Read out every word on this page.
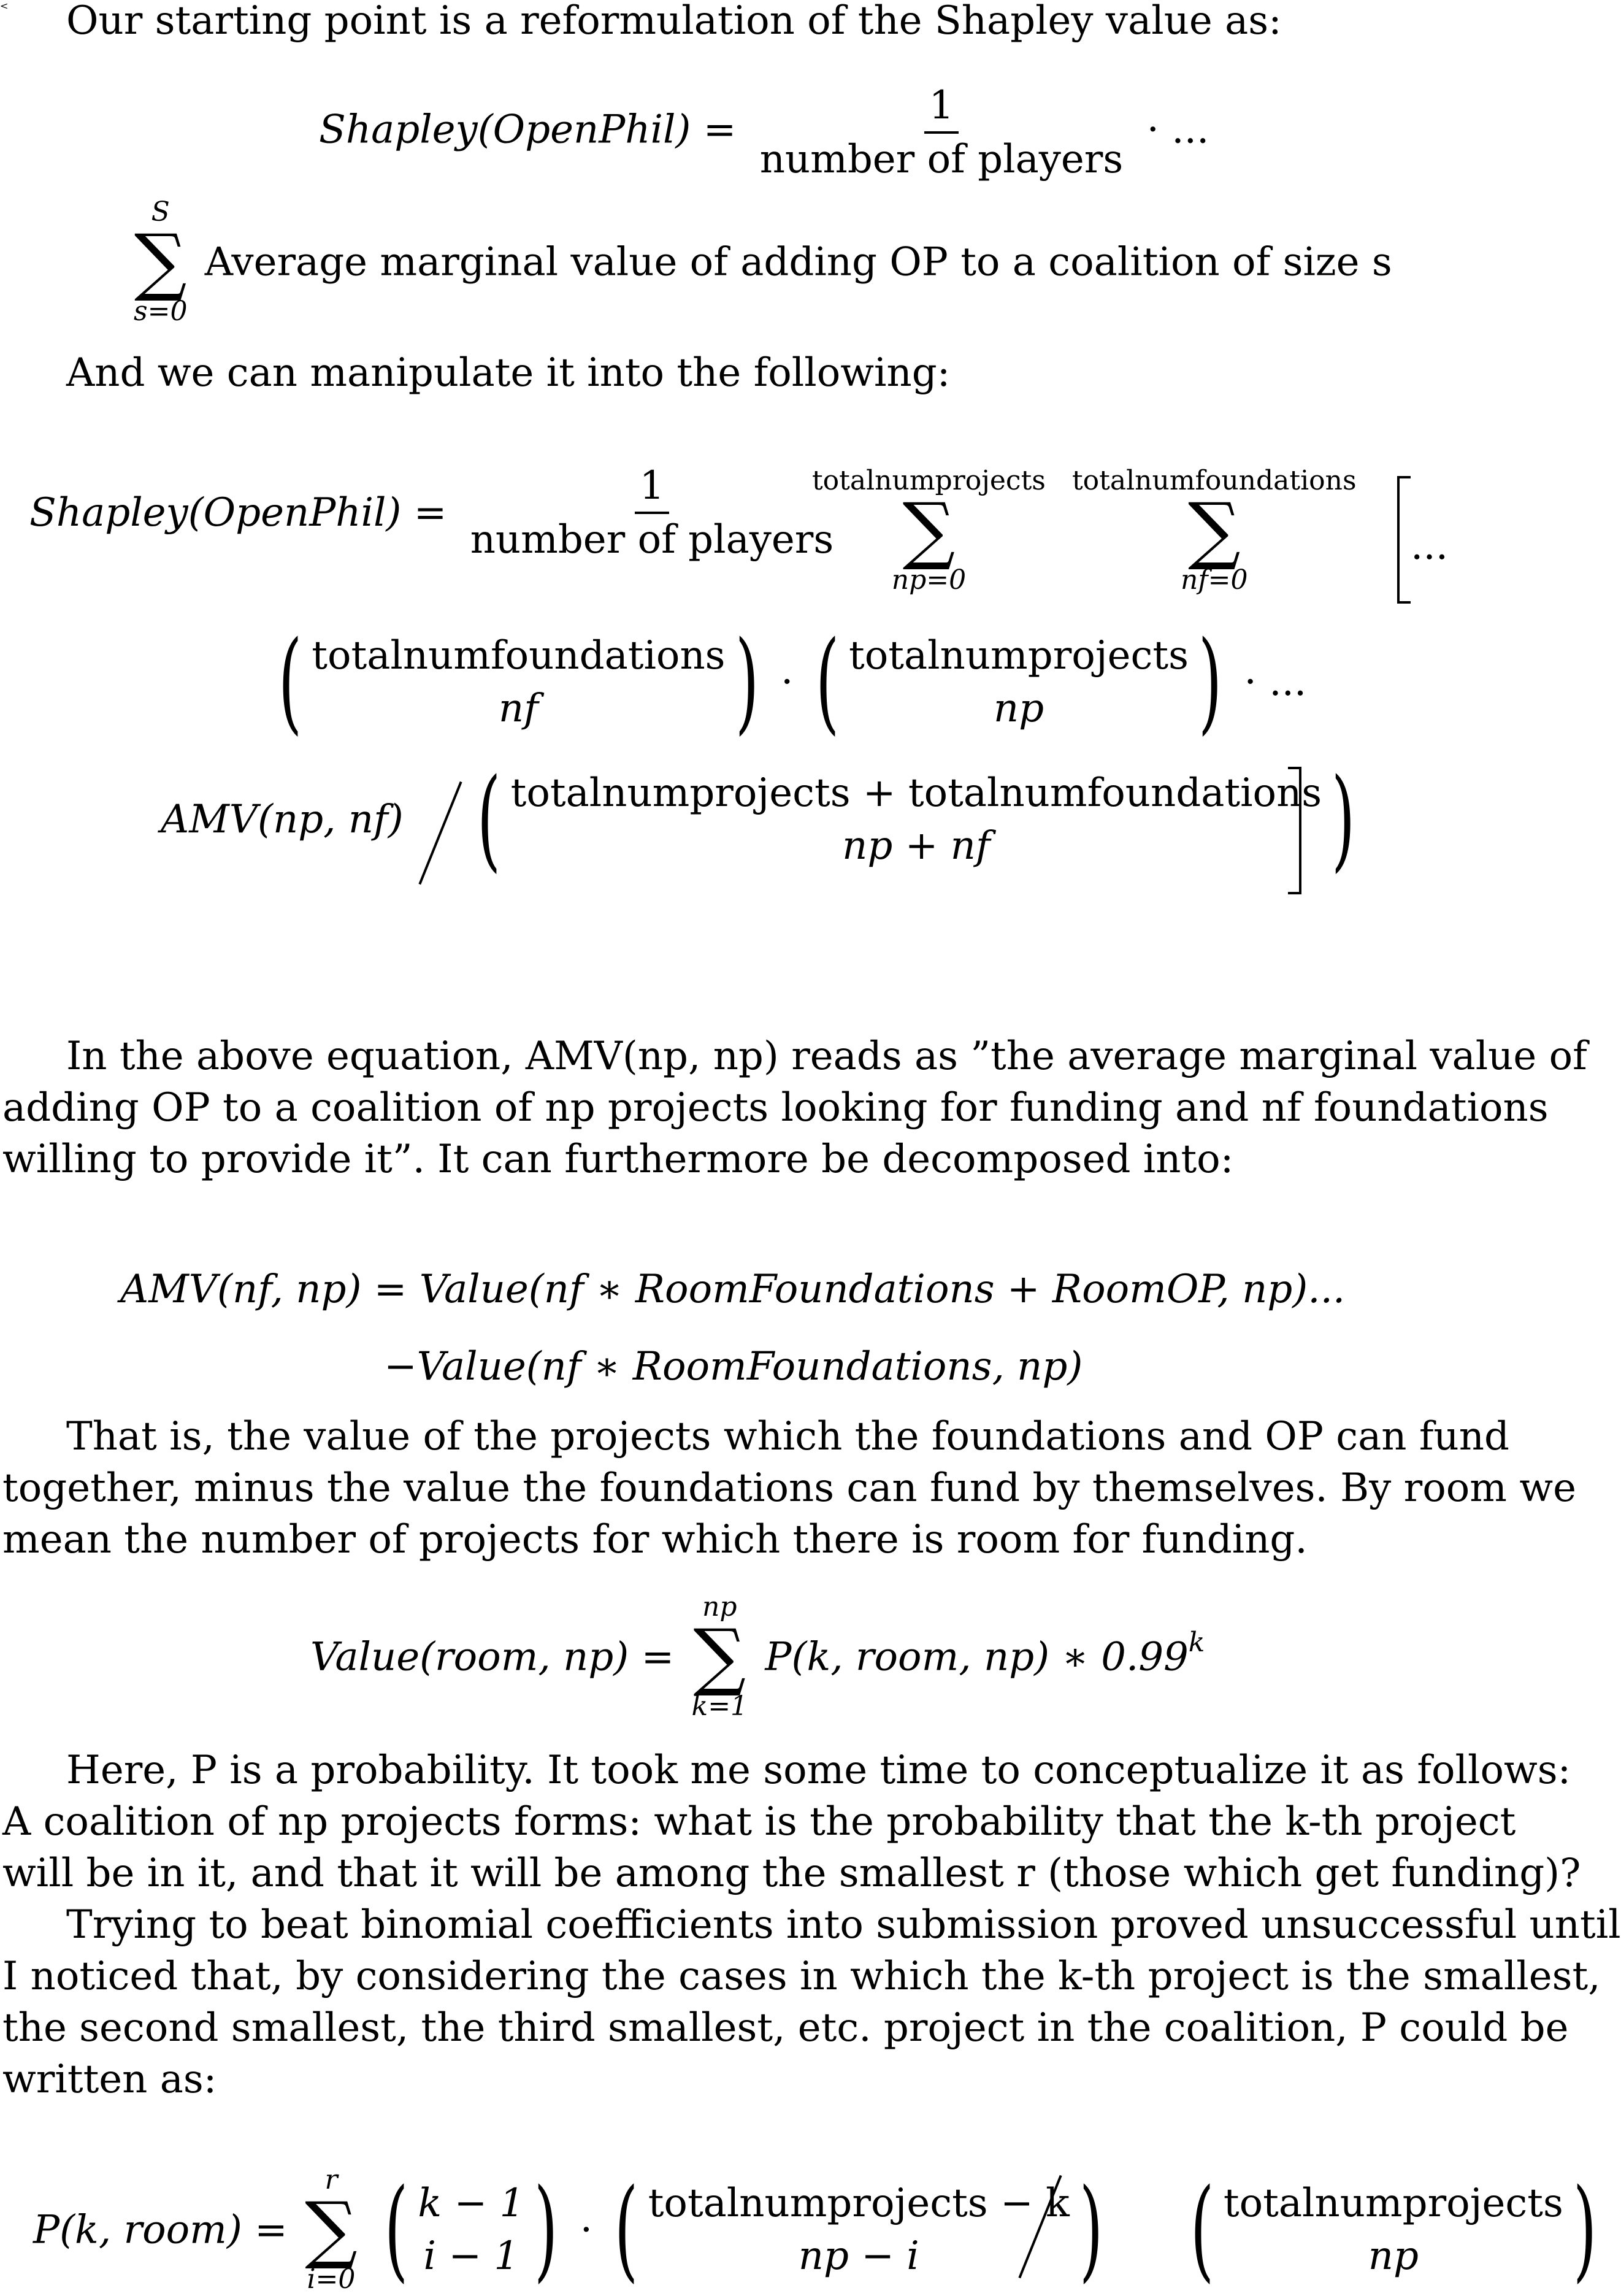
Our starting point is a reformulation of the Shapley value as:
Shapley(OpenPhil) = $\frac{1}{\text{number of players}}$ · ...
S
∑
s=0
Average marginal value of adding OP to a coalition of size s
And we can manipulate it into the following:
Shapley(OpenPhil) = $\frac{1}{\text{number of players}}$
totalnumprojects
∑
np=0
totalnumfoundations
∑
nf=0
...
( totalnumfoundations
nf ) · ( totalnumprojects
np ) · ...
AMV(np, nf) ( totalnumprojects + totalnumfoundations
np + nf	)
In the above equation, AMV(np, np) reads as ”the average marginal value of
adding OP to a coalition of np projects looking for funding and nf foundations
willing to provide it”. It can furthermore be decomposed into:
AMV(nf, np) = Value(nf ∗ RoomFoundations + RoomOP, np)...
−Value(nf ∗ RoomFoundations, np)
<
That is, the value of the projects which the foundations and OP can fund
together, minus the value the foundations can fund by themselves. By room we
mean the number of projects for which there is room for funding.
Value(room, np) =
np
∑
k=1
P(k, room, np) ∗ 0.99$^k$
Here, P is a probability. It took me some time to conceptualize it as follows:
A coalition of np projects forms: what is the probability that the k-th project
will be in it, and that it will be among the smallest r (those which get funding)?
Trying to beat binomial coefficients into submission proved unsuccessful until
I noticed that, by considering the cases in which the k-th project is the smallest,
the second smallest, the third smallest, etc. project in the coalition, P could be
written as:
P(k, room) =
r
∑
i=0
( k − 1
i − 1 ) · ( totalnumprojects − k
np − i )
( totalnumprojects
np )
